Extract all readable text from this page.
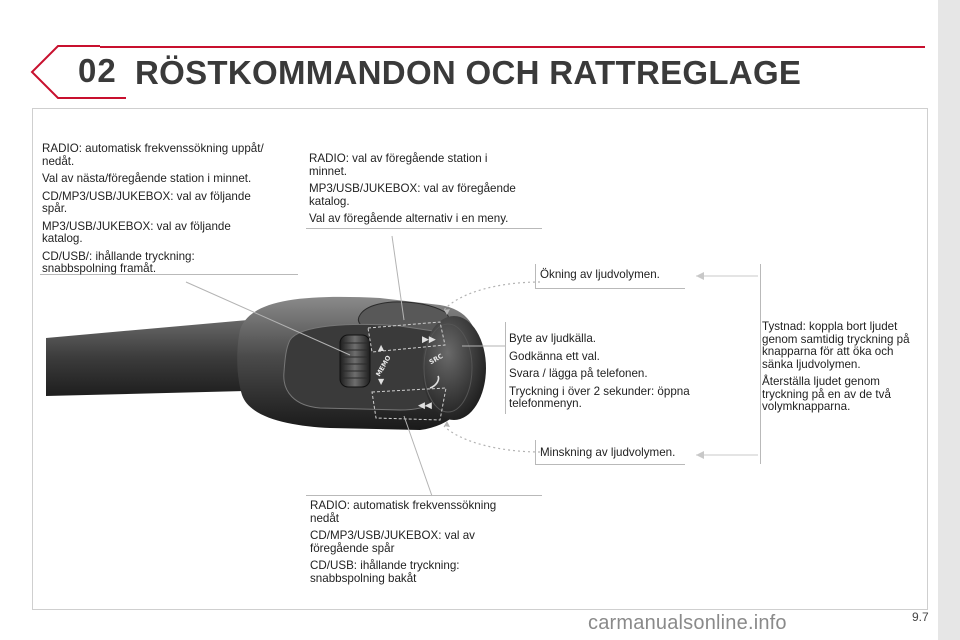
02 RÖSTKOMMANDON OCH RATTREGLAGE
▶▶
◀◀
▲
▼
MEMO	SRC

RADIO: automatisk frekvenssökning uppåt/ nedåt.

Val av nästa/föregående station i minnet.

CD/MP3/USB/JUKEBOX: val av följande spår.

MP3/USB/JUKEBOX: val av följande katalog.

CD/USB/: ihållande tryckning: snabbspolning framåt.

RADIO: val av föregående station i minnet.

MP3/USB/JUKEBOX: val av föregående katalog.

Val av föregående alternativ i en meny.

Ökning av ljudvolymen.

Byte av ljudkälla.

Godkänna ett val.

Svara / lägga på telefonen.

Tryckning i över 2 sekunder: öppna telefonmenyn.

Minskning av ljudvolymen.

Tystnad: koppla bort ljudet genom samtidig tryckning på knapparna för att öka och sänka ljudvolymen.

Återställa ljudet genom tryckning på en av de två volymknapparna.

RADIO: automatisk frekvenssökning nedåt

CD/MP3/USB/JUKEBOX: val av föregående spår

CD/USB: ihållande tryckning: snabbspolning bakåt

carmanualsonline.info	9.7
